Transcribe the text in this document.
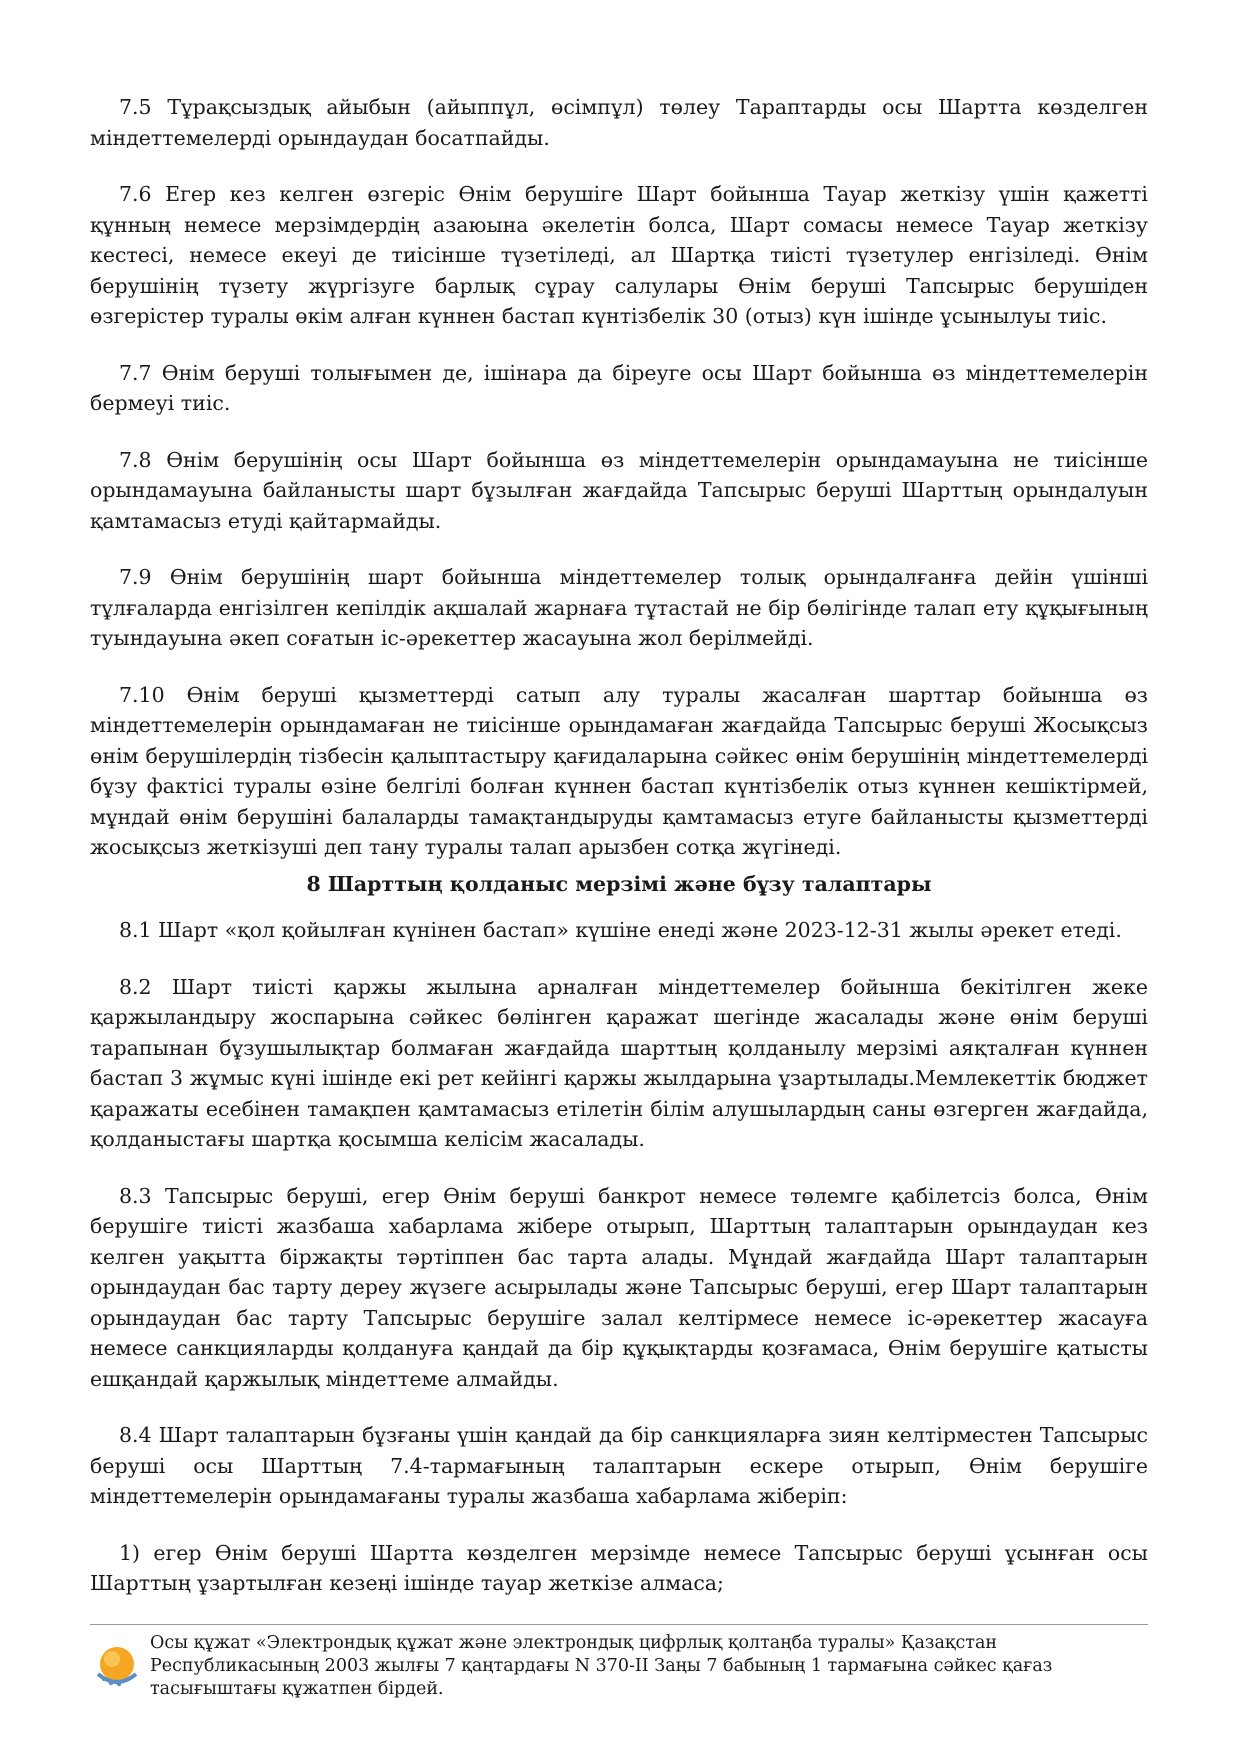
7.5 Тұрақсыздық айыбын (айыппұл, өсімпұл) төлеу Тараптарды осы Шартта көзделген міндеттемелерді орындаудан босатпайды.

7.6 Егер кез келген өзгеріс Өнім берушіге Шарт бойынша Тауар жеткізу үшін қажетті құнның немесе мерзімдердің азаюына әкелетін болса, Шарт сомасы немесе Тауар жеткізу кестесі, немесе екеуі де тиісінше түзетіледі, ал Шартқа тиісті түзетулер енгізіледі. Өнім берушінің түзету жүргізуге барлық сұрау салулары Өнім беруші Тапсырыс берушіден өзгерістер туралы өкім алған күннен бастап күнтізбелік 30 (отыз) күн ішінде ұсынылуы тиіс.

7.7 Өнім беруші толығымен де, ішінара да біреуге осы Шарт бойынша өз міндеттемелерін бермеуі тиіс.

7.8 Өнім берушінің осы Шарт бойынша өз міндеттемелерін орындамауына не тиісінше орындамауына байланысты шарт бұзылған жағдайда Тапсырыс беруші Шарттың орындалуын қамтамасыз етуді қайтармайды.

7.9 Өнім берушінің шарт бойынша міндеттемелер толық орындалғанға дейін үшінші тұлғаларда енгізілген кепілдік ақшалай жарнаға тұтастай не бір бөлігінде талап ету құқығының туындауына әкеп соғатын іс-әрекеттер жасауына жол берілмейді.

7.10 Өнім беруші қызметтерді сатып алу туралы жасалған шарттар бойынша өз міндеттемелерін орындамаған не тиісінше орындамаған жағдайда Тапсырыс беруші Жосықсыз өнім берушілердің тізбесін қалыптастыру қағидаларына сәйкес өнім берушінің міндеттемелерді бұзу фактісі туралы өзіне белгілі болған күннен бастап күнтізбелік отыз күннен кешіктірмей, мұндай өнім берушіні балаларды тамақтандыруды қамтамасыз етуге байланысты қызметтерді жосықсыз жеткізуші деп тану туралы талап арызбен сотқа жүгінеді.

8 Шарттың қолданыс мерзімі және бұзу талаптары

8.1 Шарт «қол қойылған күнінен бастап» күшіне енеді және 2023-12-31 жылы әрекет етеді.

8.2 Шарт тиісті қаржы жылына арналған міндеттемелер бойынша бекітілген жеке қаржыландыру жоспарына сәйкес бөлінген қаражат шегінде жасалады және өнім беруші тарапынан бұзушылықтар болмаған жағдайда шарттың қолданылу мерзімі аяқталған күннен бастап 3 жұмыс күні ішінде екі рет кейінгі қаржы жылдарына ұзартылады.Мемлекеттік бюджет қаражаты есебінен тамақпен қамтамасыз етілетін білім алушылардың саны өзгерген жағдайда, қолданыстағы шартқа қосымша келісім жасалады.

8.3 Тапсырыс беруші, егер Өнім беруші банкрот немесе төлемге қабілетсіз болса, Өнім берушіге тиісті жазбаша хабарлама жібере отырып, Шарттың талаптарын орындаудан кез келген уақытта біржақты тәртіппен бас тарта алады. Мұндай жағдайда Шарт талаптарын орындаудан бас тарту дереу жүзеге асырылады және Тапсырыс беруші, егер Шарт талаптарын орындаудан бас тарту Тапсырыс берушіге залал келтірмесе немесе іс-әрекеттер жасауға немесе санкцияларды қолдануға қандай да бір құқықтарды қозғамаса, Өнім берушіге қатысты ешқандай қаржылық міндеттеме алмайды.

8.4 Шарт талаптарын бұзғаны үшін қандай да бір санкцияларға зиян келтірместен Тапсырыс беруші осы Шарттың 7.4-тармағының талаптарын ескере отырып, Өнім берушіге міндеттемелерін орындамағаны туралы жазбаша хабарлама жіберіп:

1) егер Өнім беруші Шартта көзделген мерзімде немесе Тапсырыс беруші ұсынған осы Шарттың ұзартылған кезеңі ішінде тауар жеткізе алмаса;

Осы құжат «Электрондық құжат және электрондық цифрлық қолтаңба туралы» Қазақстан Республикасының 2003 жылғы 7 қаңтардағы N 370-II Заңы 7 бабының 1 тармағына сәйкес қағаз тасығыштағы құжатпен бірдей.
